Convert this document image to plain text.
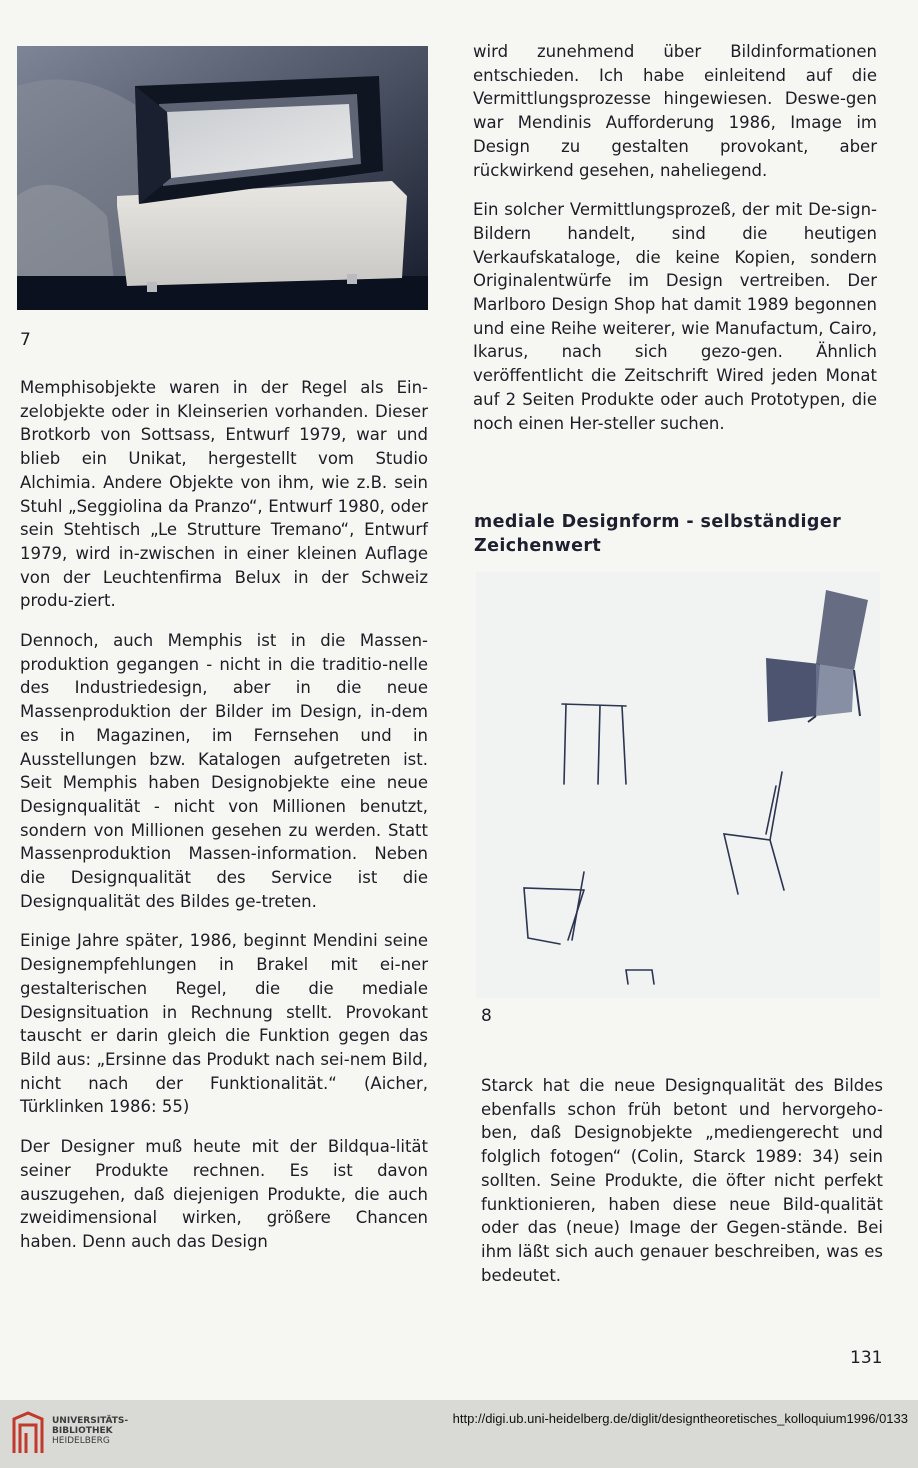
7

Memphisobjekte waren in der Regel als Ein-zelobjekte oder in Kleinserien vorhanden. Dieser Brotkorb von Sottsass, Entwurf 1979, war und blieb ein Unikat, hergestellt vom Studio Alchimia. Andere Objekte von ihm, wie z.B. sein Stuhl „Seggiolina da Pranzo“, Entwurf 1980, oder sein Stehtisch „Le Strutture Tremano“, Entwurf 1979, wird in-zwischen in einer kleinen Auflage von der Leuchtenfirma Belux in der Schweiz produ-ziert.

Dennoch, auch Memphis ist in die Massen-produktion gegangen - nicht in die traditio-nelle des Industriedesign, aber in die neue Massenproduktion der Bilder im Design, in-dem es in Magazinen, im Fernsehen und in Ausstellungen bzw. Katalogen aufgetreten ist. Seit Memphis haben Designobjekte eine neue Designqualität - nicht von Millionen benutzt, sondern von Millionen gesehen zu werden. Statt Massenproduktion Massen-information. Neben die Designqualität des Service ist die Designqualität des Bildes ge-treten.

Einige Jahre später, 1986, beginnt Mendini seine Designempfehlungen in Brakel mit ei-ner gestalterischen Regel, die die mediale Designsituation in Rechnung stellt. Provokant tauscht er darin gleich die Funktion gegen das Bild aus: „Ersinne das Produkt nach sei-nem Bild, nicht nach der Funktionalität.“ (Aicher, Türklinken 1986: 55)

Der Designer muß heute mit der Bildqua-lität seiner Produkte rechnen. Es ist davon auszugehen, daß diejenigen Produkte, die auch zweidimensional wirken, größere Chancen haben. Denn auch das Design

wird zunehmend über Bildinformationen entschieden. Ich habe einleitend auf die Vermittlungsprozesse hingewiesen. Deswe-gen war Mendinis Aufforderung 1986, Image im Design zu gestalten provokant, aber rückwirkend gesehen, naheliegend.

Ein solcher Vermittlungsprozeß, der mit De-sign-Bildern handelt, sind die heutigen Verkaufskataloge, die keine Kopien, sondern Originalentwürfe im Design vertreiben. Der Marlboro Design Shop hat damit 1989 begonnen und eine Reihe weiterer, wie Manufactum, Cairo, Ikarus, nach sich gezo-gen. Ähnlich veröffentlicht die Zeitschrift Wired jeden Monat auf 2 Seiten Produkte oder auch Prototypen, die noch einen Her-steller suchen.

mediale Designform - selbständiger Zeichenwert
8

Starck hat die neue Designqualität des Bildes ebenfalls schon früh betont und hervorgeho-ben, daß Designobjekte „mediengerecht und folglich fotogen“ (Colin, Starck 1989: 34) sein sollten. Seine Produkte, die öfter nicht perfekt funktionieren, haben diese neue Bild-qualität oder das (neue) Image der Gegen-stände. Bei ihm läßt sich auch genauer beschreiben, was es bedeutet.

131
UNIVERSITÄTS-
BIBLIOTHEK
HEIDELBERG
http://digi.ub.uni-heidelberg.de/diglit/designtheoretisches_kolloquium1996/0133
